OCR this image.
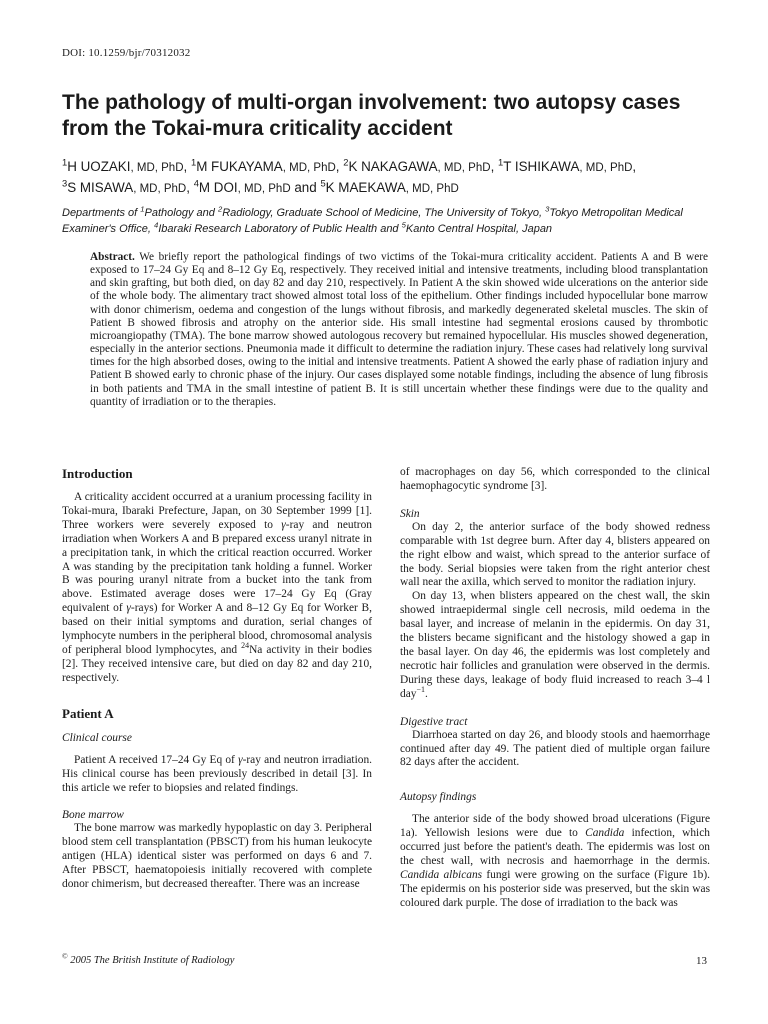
DOI: 10.1259/bjr/70312032
The pathology of multi-organ involvement: two autopsy cases from the Tokai-mura criticality accident
$^1$H UOZAKI, MD, PhD, $^1$M FUKAYAMA, MD, PhD, $^2$K NAKAGAWA, MD, PhD, $^1$T ISHIKAWA, MD, PhD,
$^3$S MISAWA, MD, PhD, $^4$M DOI, MD, PhD and $^5$K MAEKAWA, MD, PhD
Departments of $^1$Pathology and $^2$Radiology, Graduate School of Medicine, The University of Tokyo, $^3$Tokyo Metropolitan Medical Examiner's Office, $^4$Ibaraki Research Laboratory of Public Health and $^5$Kanto Central Hospital, Japan
Abstract. We briefly report the pathological findings of two victims of the Tokai-mura criticality accident. Patients A and B were exposed to 17–24 Gy Eq and 8–12 Gy Eq, respectively. They received initial and intensive treatments, including blood transplantation and skin grafting, but both died, on day 82 and day 210, respectively. In Patient A the skin showed wide ulcerations on the anterior side of the whole body. The alimentary tract showed almost total loss of the epithelium. Other findings included hypocellular bone marrow with donor chimerism, oedema and congestion of the lungs without fibrosis, and markedly degenerated skeletal muscles. The skin of Patient B showed fibrosis and atrophy on the anterior side. His small intestine had segmental erosions caused by thrombotic microangiopathy (TMA). The bone marrow showed autologous recovery but remained hypocellular. His muscles showed degeneration, especially in the anterior sections. Pneumonia made it difficult to determine the radiation injury. These cases had relatively long survival times for the high absorbed doses, owing to the initial and intensive treatments. Patient A showed the early phase of radiation injury and Patient B showed early to chronic phase of the injury. Our cases displayed some notable findings, including the absence of lung fibrosis in both patients and TMA in the small intestine of patient B. It is still uncertain whether these findings were due to the quality and quantity of irradiation or to the therapies.
Introduction

A criticality accident occurred at a uranium processing facility in Tokai-mura, Ibaraki Prefecture, Japan, on 30 September 1999 [1]. Three workers were severely exposed to γ-ray and neutron irradiation when Workers A and B prepared excess uranyl nitrate in a precipitation tank, in which the critical reaction occurred. Worker A was standing by the precipitation tank holding a funnel. Worker B was pouring uranyl nitrate from a bucket into the tank from above. Estimated average doses were 17–24 Gy Eq (Gray equivalent of γ-rays) for Worker A and 8–12 Gy Eq for Worker B, based on their initial symptoms and duration, serial changes of lymphocyte numbers in the peripheral blood, chromosomal analysis of peripheral blood lymphocytes, and $^{24}$Na activity in their bodies [2]. They received intensive care, but died on day 82 and day 210, respectively.

Patient A
Clinical course

Patient A received 17–24 Gy Eq of γ-ray and neutron irradiation. His clinical course has been previously described in detail [3]. In this article we refer to biopsies and related findings.

Bone marrow

The bone marrow was markedly hypoplastic on day 3. Peripheral blood stem cell transplantation (PBSCT) from his human leukocyte antigen (HLA) identical sister was performed on days 6 and 7. After PBSCT, haematopoiesis initially recovered with complete donor chimerism, but decreased thereafter. There was an increase

of macrophages on day 56, which corresponded to the clinical haemophagocytic syndrome [3].

Skin

On day 2, the anterior surface of the body showed redness comparable with 1st degree burn. After day 4, blisters appeared on the right elbow and waist, which spread to the anterior surface of the body. Serial biopsies were taken from the right anterior chest wall near the axilla, which served to monitor the radiation injury.

On day 13, when blisters appeared on the chest wall, the skin showed intraepidermal single cell necrosis, mild oedema in the basal layer, and increase of melanin in the epidermis. On day 31, the blisters became significant and the histology showed a gap in the basal layer. On day 46, the epidermis was lost completely and necrotic hair follicles and granulation were observed in the dermis. During these days, leakage of body fluid increased to reach 3–4 l day$^{-1}$.

Digestive tract

Diarrhoea started on day 26, and bloody stools and haemorrhage continued after day 49. The patient died of multiple organ failure 82 days after the accident.

Autopsy findings

The anterior side of the body showed broad ulcerations (Figure 1a). Yellowish lesions were due to Candida infection, which occurred just before the patient's death. The epidermis was lost on the chest wall, with necrosis and haemorrhage in the dermis. Candida albicans fungi were growing on the surface (Figure 1b). The epidermis on his posterior side was preserved, but the skin was coloured dark purple. The dose of irradiation to the back was

© 2005 The British Institute of Radiology	13
